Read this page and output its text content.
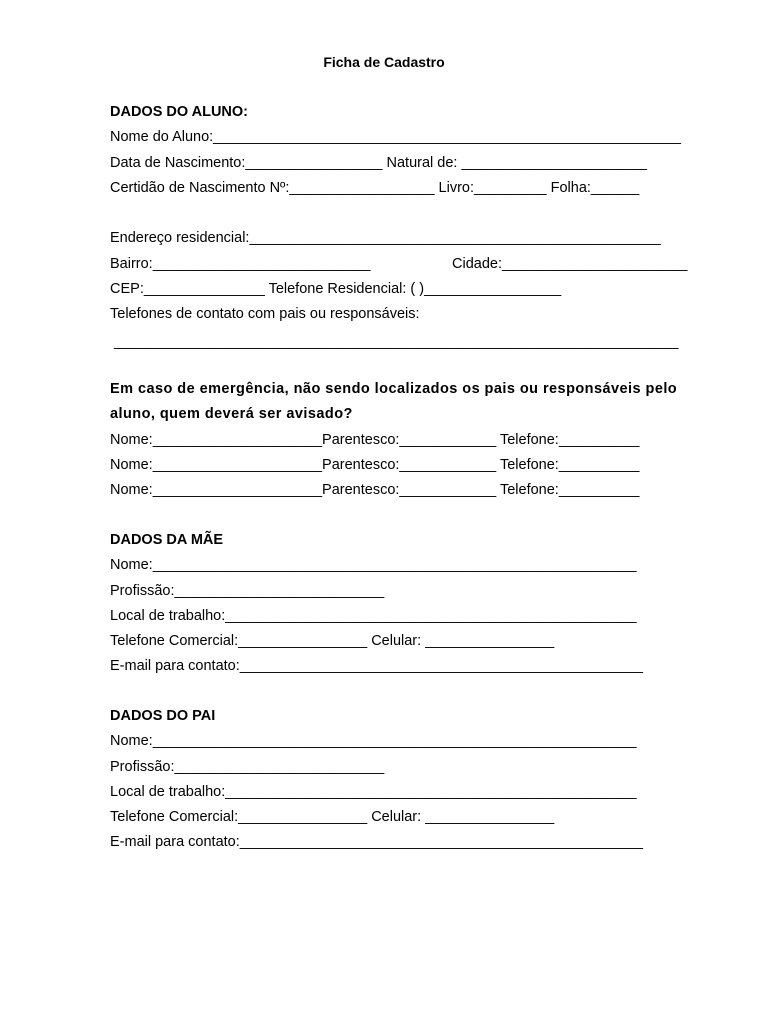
Ficha de Cadastro
DADOS DO ALUNO:
Nome do Aluno:__________________________________________________________
Data de Nascimento:_________________ Natural de: _______________________
Certidão de Nascimento Nº:__________________ Livro:_________ Folha:______
Endereço residencial:___________________________________________________
Bairro:___________________________	Cidade:_______________________
CEP:_______________ Telefone Residencial: ( )_________________
Telefones de contato com pais ou responsáveis:
______________________________________________________________________
Em caso de emergência, não sendo localizados os pais ou responsáveis pelo
aluno, quem deverá ser avisado?
Nome:_____________________Parentesco:____________ Telefone:__________
Nome:_____________________Parentesco:____________ Telefone:__________
Nome:_____________________Parentesco:____________ Telefone:__________
DADOS DA MÃE
Nome:____________________________________________________________
Profissão:__________________________
Local de trabalho:___________________________________________________
Telefone Comercial:________________ Celular: ________________
E-mail para contato:__________________________________________________
DADOS DO PAI
Nome:____________________________________________________________
Profissão:__________________________
Local de trabalho:___________________________________________________
Telefone Comercial:________________ Celular: ________________
E-mail para contato:__________________________________________________
